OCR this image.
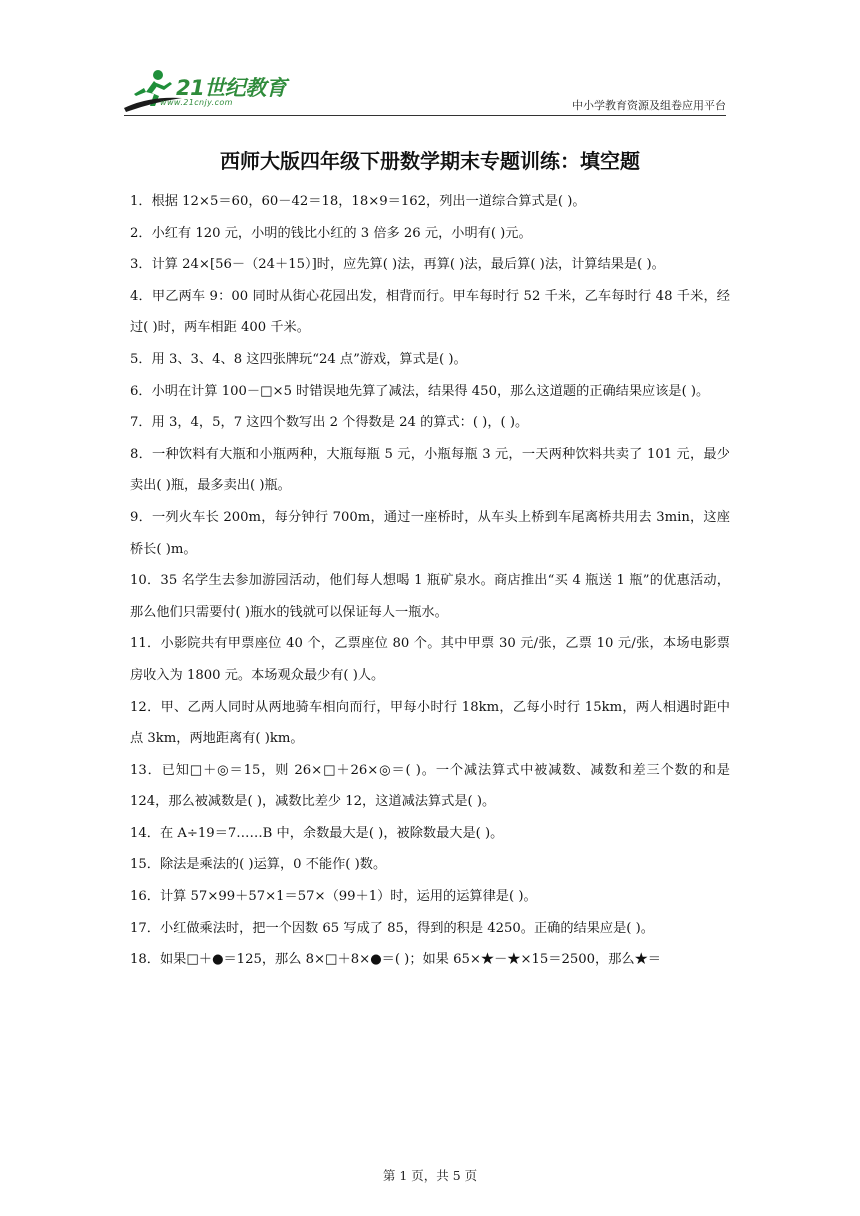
21世纪教育
www.21cnjy.com	中小学教育资源及组卷应用平台
西师大版四年级下册数学期末专题训练：填空题

1．根据 12×5＝60，60－42＝18，18×9＝162，列出一道综合算式是( )。

2．小红有 120 元，小明的钱比小红的 3 倍多 26 元，小明有( )元。

3．计算 24×[56－（24＋15）]时，应先算( )法，再算( )法，最后算( )法，计算结果是( )。

4．甲乙两车 9：00 同时从街心花园出发，相背而行。甲车每时行 52 千米，乙车每时行 48 千米，经过( )时，两车相距 400 千米。

5．用 3、3、4、8 这四张牌玩“24 点”游戏，算式是( )。

6．小明在计算 100－□×5 时错误地先算了减法，结果得 450，那么这道题的正确结果应该是( )。

7．用 3，4，5，7 这四个数写出 2 个得数是 24 的算式：( )，( )。

8．一种饮料有大瓶和小瓶两种，大瓶每瓶 5 元，小瓶每瓶 3 元，一天两种饮料共卖了 101 元，最少卖出( )瓶，最多卖出( )瓶。

9．一列火车长 200m，每分钟行 700m，通过一座桥时，从车头上桥到车尾离桥共用去 3min，这座桥长( )m。

10．35 名学生去参加游园活动，他们每人想喝 1 瓶矿泉水。商店推出“买 4 瓶送 1 瓶”的优惠活动，那么他们只需要付( )瓶水的钱就可以保证每人一瓶水。

11．小影院共有甲票座位 40 个，乙票座位 80 个。其中甲票 30 元/张，乙票 10 元/张，本场电影票房收入为 1800 元。本场观众最少有( )人。

12．甲、乙两人同时从两地骑车相向而行，甲每小时行 18km，乙每小时行 15km，两人相遇时距中点 3km，两地距离有( )km。

13．已知□＋◎＝15，则 26×□＋26×◎＝( )。一个减法算式中被减数、减数和差三个数的和是 124，那么被减数是( )，减数比差少 12，这道减法算式是( )。

14．在 A÷19＝7……B 中，余数最大是( )，被除数最大是( )。

15．除法是乘法的( )运算，0 不能作( )数。

16．计算 57×99＋57×1＝57×（99＋1）时，运用的运算律是( )。

17．小红做乘法时，把一个因数 65 写成了 85，得到的积是 4250。正确的结果应是( )。

18．如果□＋●＝125，那么 8×□＋8×●＝( )；如果 65×★－★×15＝2500，那么★＝

第 1 页，共 5 页
